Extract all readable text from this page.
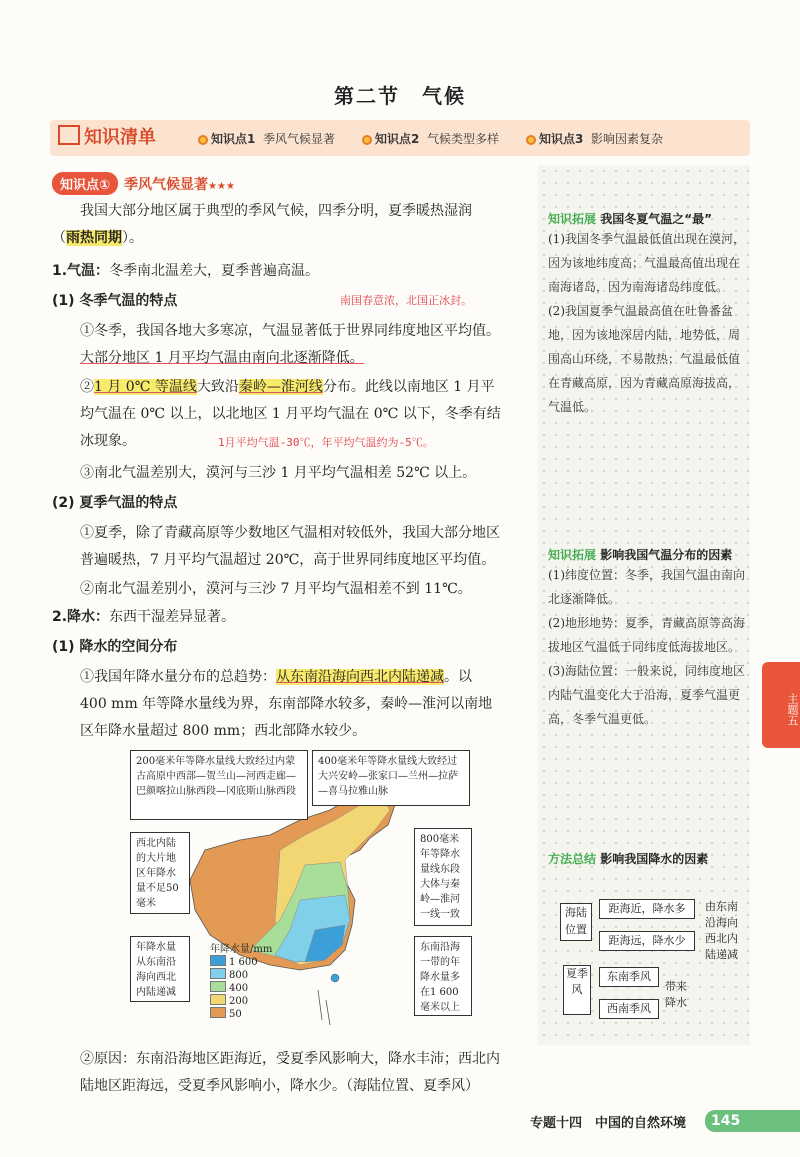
第二节　气候
知识清单	知识点1 季风气候显著	知识点2 气候类型多样	知识点3 影响因素复杂
知识点① 季风气候显著★★★
我国大部分地区属于典型的季风气候，四季分明，夏季暖热湿润
（雨热同期）。
1.气温：冬季南北温差大，夏季普遍高温。
(1) 冬季气温的特点	南国春意浓，北国正冰封。
①冬季，我国各地大多寒凉，气温显著低于世界同纬度地区平均值。
大部分地区 1 月平均气温由南向北逐渐降低。
②1 月 0℃ 等温线大致沿秦岭—淮河线分布。此线以南地区 1 月平
均气温在 0℃ 以上，以北地区 1 月平均气温在 0℃ 以下，冬季有结
冰现象。	1月平均气温-30℃，年平均气温约为-5℃。
③南北气温差别大，漠河与三沙 1 月平均气温相差 52℃ 以上。
(2) 夏季气温的特点
①夏季，除了青藏高原等少数地区气温相对较低外，我国大部分地区
普遍暖热，7 月平均气温超过 20℃，高于世界同纬度地区平均值。
②南北气温差别小，漠河与三沙 7 月平均气温相差不到 11℃。
2.降水：东西干湿差异显著。
(1) 降水的空间分布
①我国年降水量分布的总趋势：从东南沿海向西北内陆递减。以
400 mm 年等降水量线为界，东南部降水较多，秦岭—淮河以南地
区年降水量超过 800 mm；西北部降水较少。
200毫米年等降水量线大致经过内蒙古高原中西部—贺兰山—河西走廊—巴颜喀拉山脉西段—冈底斯山脉西段
400毫米年等降水量线大致经过大兴安岭—张家口—兰州—拉萨—喜马拉雅山脉
西北内陆的大片地区年降水量不足50毫米
800毫米年等降水量线东段大体与秦岭—淮河一线一致
年降水量从东南沿海向西北内陆递减
东南沿海一带的年降水量多在1 600毫米以上
年降水量/mm
1 600
800
400
200
50
②原因：东南沿海地区距海近，受夏季风影响大，降水丰沛；西北内
陆地区距海远，受夏季风影响小，降水少。（海陆位置、夏季风）
知识拓展 我国冬夏气温之“最”
(1)我国冬季气温最低值出现在漠河，因为该地纬度高；气温最高值出现在南海诸岛，因为南海诸岛纬度低。
(2)我国夏季气温最高值在吐鲁番盆地，因为该地深居内陆，地势低，周围高山环绕，不易散热；气温最低值在青藏高原，因为青藏高原海拔高，气温低。
知识拓展 影响我国气温分布的因素
(1)纬度位置：冬季，我国气温由南向北逐渐降低。
(2)地形地势：夏季，青藏高原等高海拔地区气温低于同纬度低海拔地区。
(3)海陆位置：一般来说，同纬度地区内陆气温变化大于沿海，夏季气温更高，冬季气温更低。
方法总结 影响我国降水的因素
海陆位置
距海近，降水多
距海远，降水少
由东南沿海向西北内陆递减
夏季风
东南季风
西南季风
带来降水
主题五
专题十四　中国的自然环境	145
